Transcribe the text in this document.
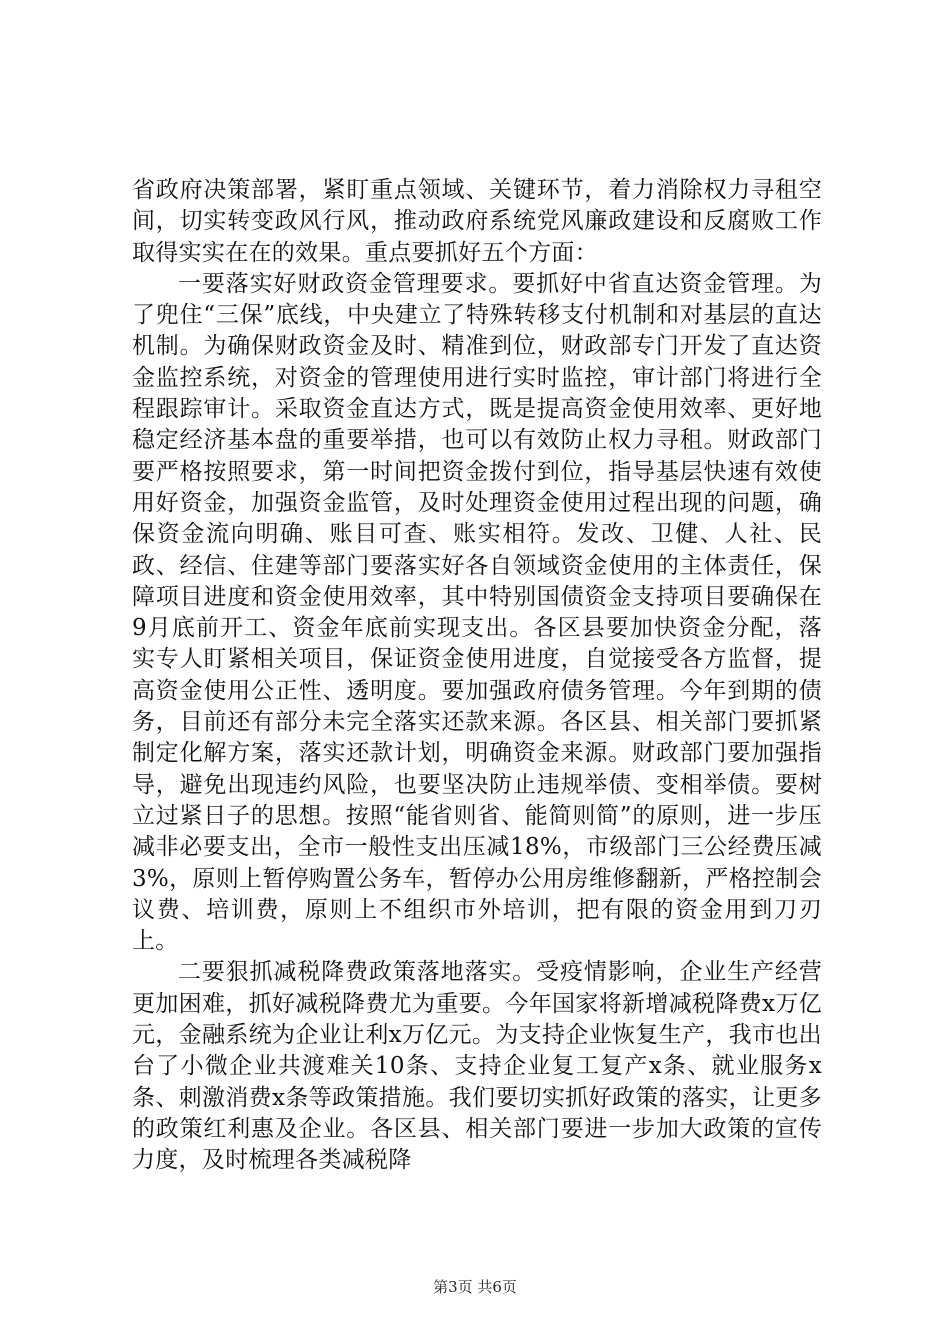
省政府决策部署，紧盯重点领域、关键环节，着力消除权力寻租空间，切实转变政风行风，推动政府系统党风廉政建设和反腐败工作取得实实在在的效果。重点要抓好五个方面：

一要落实好财政资金管理要求。要抓好中省直达资金管理。为了兜住“三保”底线，中央建立了特殊转移支付机制和对基层的直达机制。为确保财政资金及时、精准到位，财政部专门开发了直达资金监控系统，对资金的管理使用进行实时监控，审计部门将进行全程跟踪审计。采取资金直达方式，既是提高资金使用效率、更好地稳定经济基本盘的重要举措，也可以有效防止权力寻租。财政部门要严格按照要求，第一时间把资金拨付到位，指导基层快速有效使用好资金，加强资金监管，及时处理资金使用过程出现的问题，确保资金流向明确、账目可查、账实相符。发改、卫健、人社、民政、经信、住建等部门要落实好各自领域资金使用的主体责任，保障项目进度和资金使用效率，其中特别国债资金支持项目要确保在9月底前开工、资金年底前实现支出。各区县要加快资金分配，落实专人盯紧相关项目，保证资金使用进度，自觉接受各方监督，提高资金使用公正性、透明度。要加强政府债务管理。今年到期的债务，目前还有部分未完全落实还款来源。各区县、相关部门要抓紧制定化解方案，落实还款计划，明确资金来源。财政部门要加强指导，避免出现违约风险，也要坚决防止违规举债、变相举债。要树立过紧日子的思想。按照“能省则省、能简则简”的原则，进一步压减非必要支出，全市一般性支出压减18%，市级部门三公经费压减3%，原则上暂停购置公务车，暂停办公用房维修翻新，严格控制会议费、培训费，原则上不组织市外培训，把有限的资金用到刀刃上。

二要狠抓减税降费政策落地落实。受疫情影响，企业生产经营更加困难，抓好减税降费尤为重要。今年国家将新增减税降费x万亿元，金融系统为企业让利x万亿元。为支持企业恢复生产，我市也出台了小微企业共渡难关10条、支持企业复工复产x条、就业服务x条、刺激消费x条等政策措施。我们要切实抓好政策的落实，让更多的政策红利惠及企业。各区县、相关部门要进一步加大政策的宣传力度，及时梳理各类减税降

第3页 共6页
